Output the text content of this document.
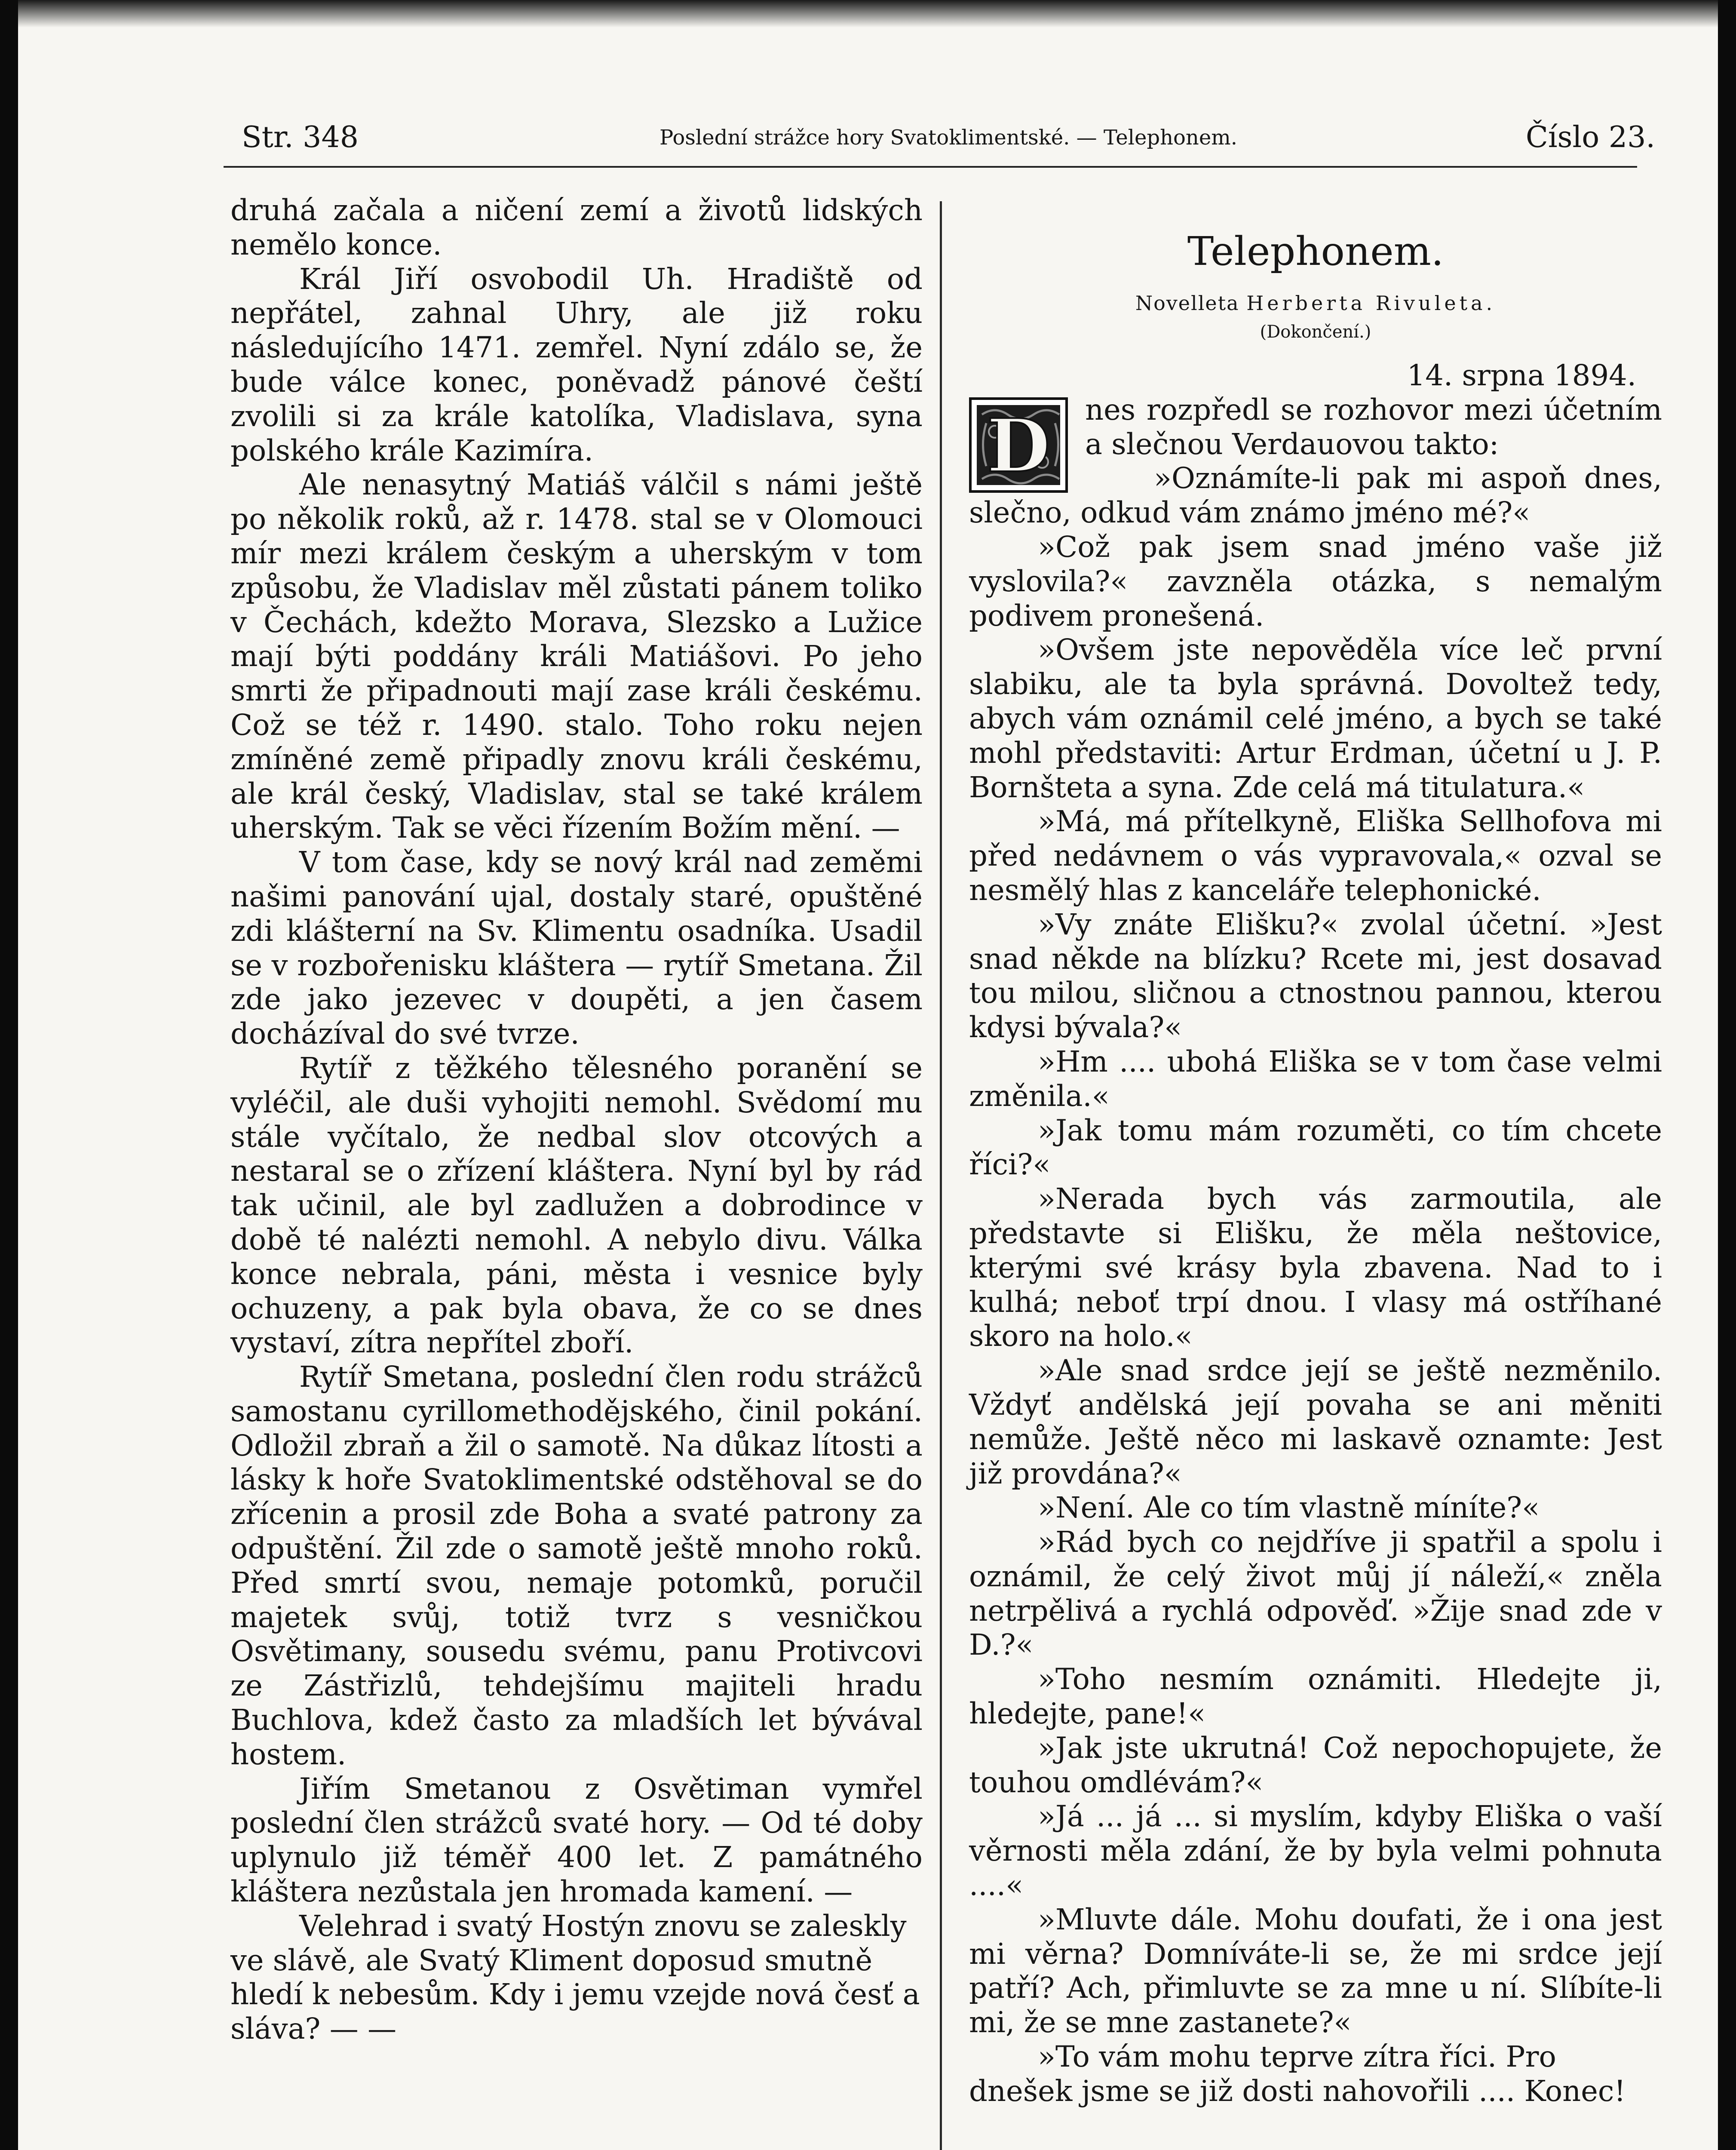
Str. 348	Poslední strážce hory Svatoklimentské. — Telephonem.	Číslo 23.

druhá začala a ničení zemí a životů lidských nemělo konce.

Král Jiří osvobodil Uh. Hradiště od nepřátel, zahnal Uhry, ale již roku následujícího 1471. zemřel. Nyní zdálo se, že bude válce konec, poněvadž pánové čeští zvolili si za krále katolíka, Vladislava, syna polského krále Kazimíra.

Ale nenasytný Matiáš válčil s námi ještě po několik roků, až r. 1478. stal se v Olomouci mír mezi králem českým a uherským v tom způsobu, že Vladislav měl zůstati pánem toliko v Čechách, kdežto Morava, Slezsko a Lužice mají býti poddány králi Matiášovi. Po jeho smrti že připadnouti mají zase králi českému. Což se též r. 1490. stalo. Toho roku nejen zmíněné země připadly znovu králi českému, ale král český, Vladislav, stal se také králem uherským. Tak se věci řízením Božím mění. —

V tom čase, kdy se nový král nad zeměmi našimi panování ujal, dostaly staré, opuštěné zdi klášterní na Sv. Klimentu osadníka. Usadil se v rozbořenisku kláštera — rytíř Smetana. Žil zde jako jezevec v doupěti, a jen časem docházíval do své tvrze.

Rytíř z těžkého tělesného poranění se vyléčil, ale duši vyhojiti nemohl. Svědomí mu stále vyčítalo, že nedbal slov otcových a nestaral se o zřízení kláštera. Nyní byl by rád tak učinil, ale byl zadlužen a dobrodince v době té nalézti nemohl. A nebylo divu. Válka konce nebrala, páni, města i vesnice byly ochuzeny, a pak byla obava, že co se dnes vystaví, zítra nepřítel zboří.

Rytíř Smetana, poslední člen rodu strážců samostanu cyrillomethodějského, činil pokání. Odložil zbraň a žil o samotě. Na důkaz lítosti a lásky k hoře Svatoklimentské odstěhoval se do zřícenin a prosil zde Boha a svaté patrony za odpuštění. Žil zde o samotě ještě mnoho roků. Před smrtí svou, nemaje potomků, poručil majetek svůj, totiž tvrz s vesničkou Osvětimany, sousedu svému, panu Protivcovi ze Zástřizlů, tehdejšímu majiteli hradu Buchlova, kdež často za mladších let bývával hostem.

Jiřím Smetanou z Osvětiman vymřel poslední člen strážců svaté hory. — Od té doby uplynulo již téměř 400 let. Z památného kláštera nezůstala jen hromada kamení. —

Velehrad i svatý Hostýn znovu se zaleskly ve slávě, ale Svatý Kliment doposud smutně hledí k nebesům. Kdy i jemu vzejde nová česť a sláva? — —

Telephonem.
Novelleta Herberta Rivuleta.
(Dokončení.)

14. srpna 1894.

D nes rozpředl se rozhovor mezi účetním a slečnou Verdauovou takto:

»Oznámíte-li pak mi aspoň dnes, slečno, odkud vám známo jméno mé?«

»Což pak jsem snad jméno vaše již vyslovila?« zavzněla otázka, s nemalým podivem pronešená.

»Ovšem jste nepověděla více leč první slabiku, ale ta byla správná. Dovoltež tedy, abych vám oznámil celé jméno, a bych se také mohl představiti: Artur Erdman, účetní u J. P. Bornšteta a syna. Zde celá má titulatura.«

»Má, má přítelkyně, Eliška Sellhofova mi před nedávnem o vás vypravovala,« ozval se nesmělý hlas z kanceláře telephonické.

»Vy znáte Elišku?« zvolal účetní. »Jest snad někde na blízku? Rcete mi, jest dosavad tou milou, sličnou a ctnostnou pannou, kterou kdysi bývala?«

»Hm .... ubohá Eliška se v tom čase velmi změnila.«

»Jak tomu mám rozuměti, co tím chcete říci?«

»Nerada bych vás zarmoutila, ale představte si Elišku, že měla neštovice, kterými své krásy byla zbavena. Nad to i kulhá; neboť trpí dnou. I vlasy má ostříhané skoro na holo.«

»Ale snad srdce její se ještě nezměnilo. Vždyť andělská její povaha se ani měniti nemůže. Ještě něco mi laskavě oznamte: Jest již provdána?«

»Není. Ale co tím vlastně míníte?«

»Rád bych co nejdříve ji spatřil a spolu i oznámil, že celý život můj jí náleží,« zněla netrpělivá a rychlá odpověď. »Žije snad zde v D.?«

»Toho nesmím oznámiti. Hledejte ji, hledejte, pane!«

»Jak jste ukrutná! Což nepochopujete, že touhou omdlévám?«

»Já ... já ... si myslím, kdyby Eliška o vaší věrnosti měla zdání, že by byla velmi pohnuta ....«

»Mluvte dále. Mohu doufati, že i ona jest mi věrna? Domníváte-li se, že mi srdce její patří? Ach, přimluvte se za mne u ní. Slíbíte-li mi, že se mne zastanete?«

»To vám mohu teprve zítra říci. Pro dnešek jsme se již dosti nahovořili .... Konec!
